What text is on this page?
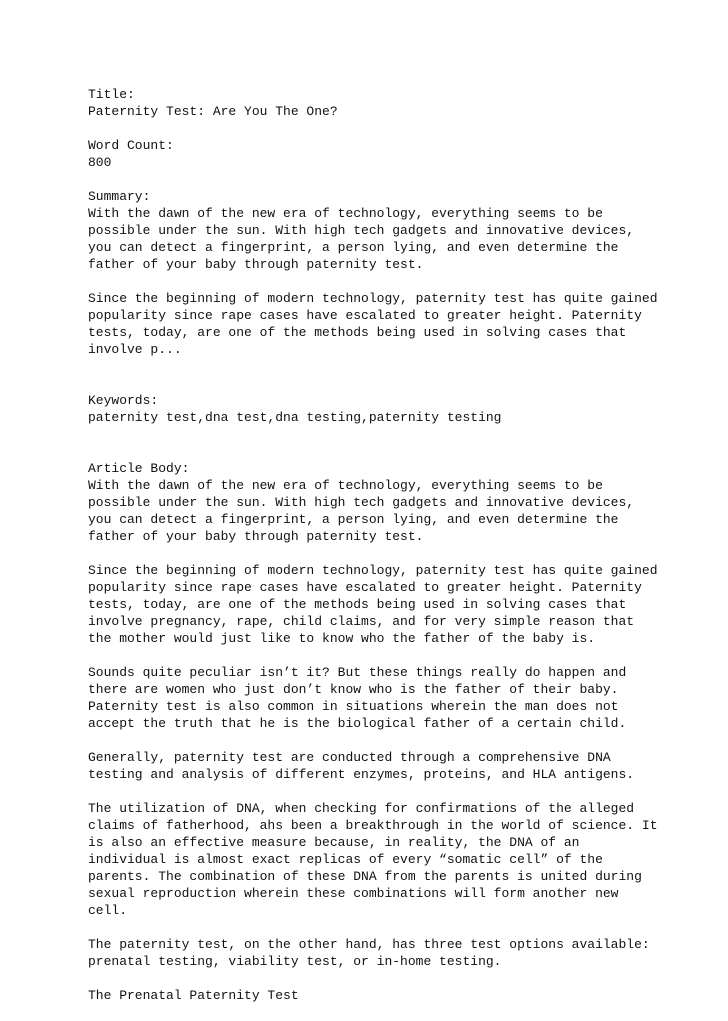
Title:
Paternity Test: Are You The One?
Word Count:
800
Summary:
With the dawn of the new era of technology, everything seems to be
possible under the sun. With high tech gadgets and innovative devices,
you can detect a fingerprint, a person lying, and even determine the
father of your baby through paternity test.
Since the beginning of modern technology, paternity test has quite gained
popularity since rape cases have escalated to greater height. Paternity
tests, today, are one of the methods being used in solving cases that
involve p...
Keywords:
paternity test,dna test,dna testing,paternity testing
Article Body:
With the dawn of the new era of technology, everything seems to be
possible under the sun. With high tech gadgets and innovative devices,
you can detect a fingerprint, a person lying, and even determine the
father of your baby through paternity test.
Since the beginning of modern technology, paternity test has quite gained
popularity since rape cases have escalated to greater height. Paternity
tests, today, are one of the methods being used in solving cases that
involve pregnancy, rape, child claims, and for very simple reason that
the mother would just like to know who the father of the baby is.
Sounds quite peculiar isn’t it? But these things really do happen and
there are women who just don’t know who is the father of their baby.
Paternity test is also common in situations wherein the man does not
accept the truth that he is the biological father of a certain child.
Generally, paternity test are conducted through a comprehensive DNA
testing and analysis of different enzymes, proteins, and HLA antigens.
The utilization of DNA, when checking for confirmations of the alleged
claims of fatherhood, ahs been a breakthrough in the world of science. It
is also an effective measure because, in reality, the DNA of an
individual is almost exact replicas of every “somatic cell” of the
parents. The combination of these DNA from the parents is united during
sexual reproduction wherein these combinations will form another new
cell.
The paternity test, on the other hand, has three test options available:
prenatal testing, viability test, or in-home testing.
The Prenatal Paternity Test
